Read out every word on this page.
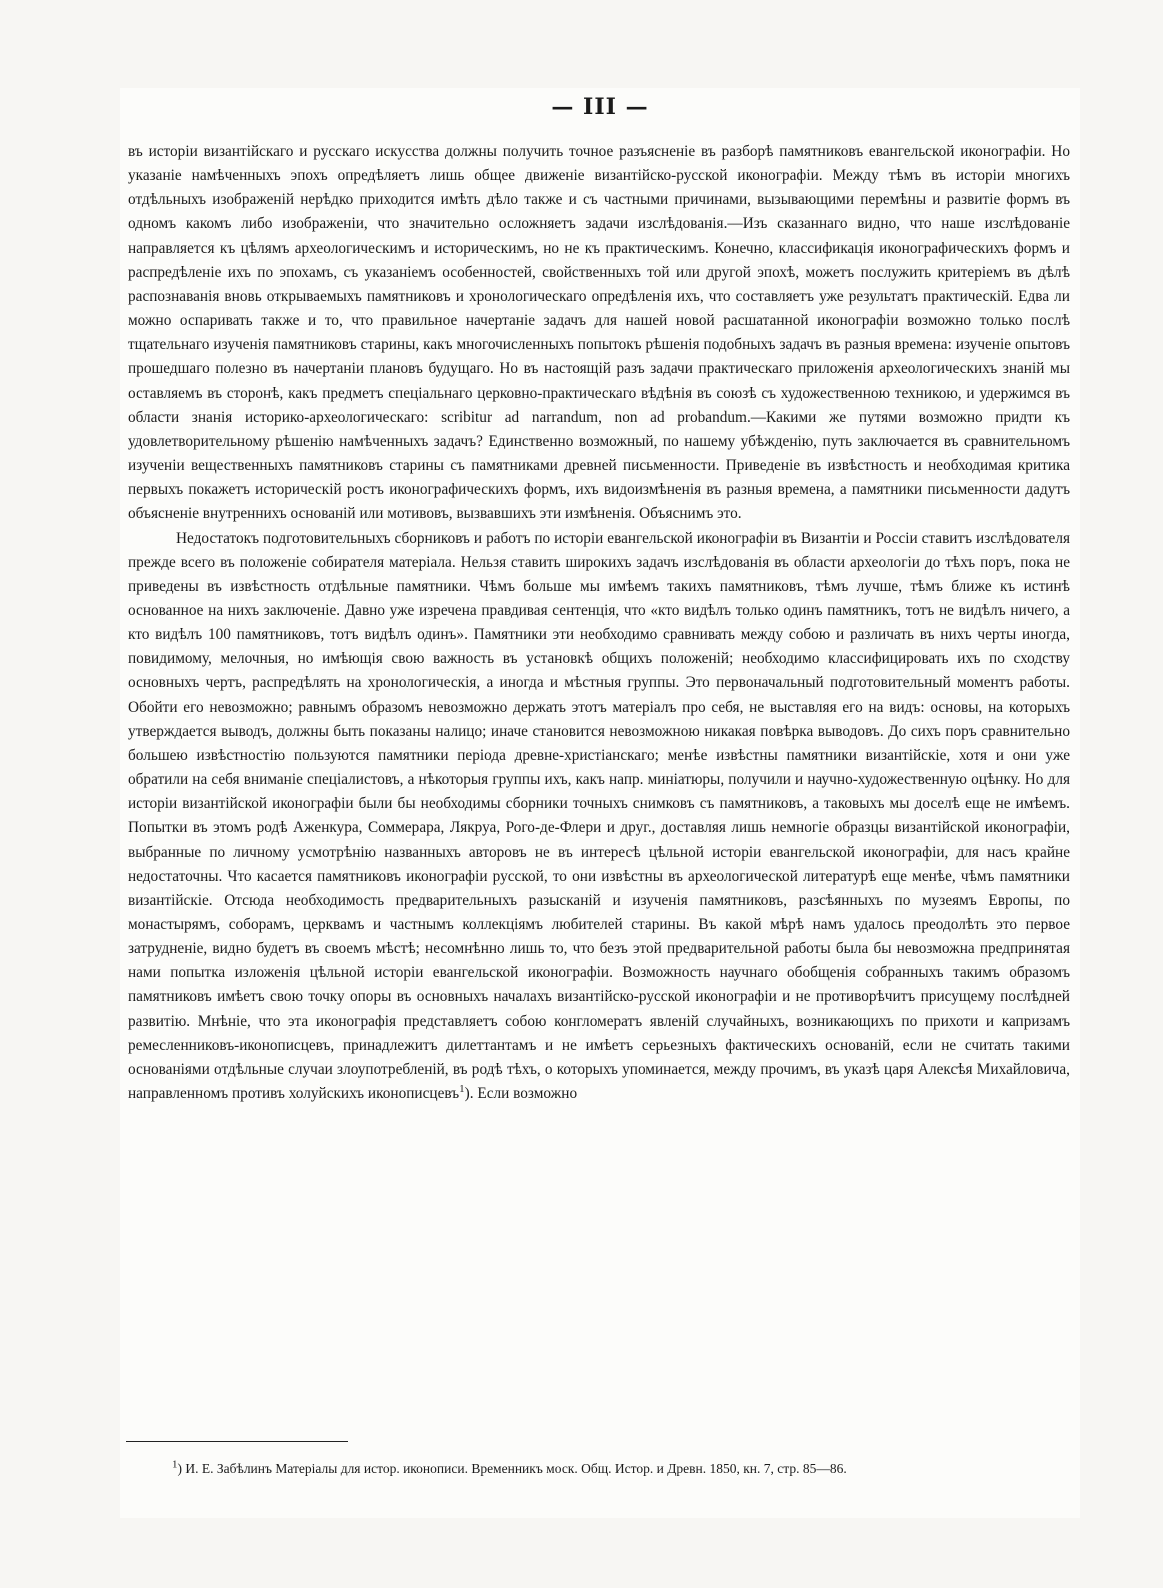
— III —

въ исторіи византійскаго и русскаго искусства должны получить точное разъясненіе въ разборѣ памятниковъ евангельской иконографіи. Но указаніе намѣченныхъ эпохъ опредѣляетъ лишь общее движеніе византійско-русской иконографіи. Между тѣмъ въ исторіи многихъ отдѣльныхъ изображеній нерѣдко приходится имѣть дѣло также и съ частными причинами, вызывающими перемѣны и развитіе формъ въ одномъ какомъ либо изображеніи, что значительно осложняетъ задачи изслѣдованія.—Изъ сказаннаго видно, что наше изслѣдованіе направляется къ цѣлямъ археологическимъ и историческимъ, но не къ практическимъ. Конечно, классификація иконографическихъ формъ и распредѣленіе ихъ по эпохамъ, съ указаніемъ особенностей, свойственныхъ той или другой эпохѣ, можетъ послужить критеріемъ въ дѣлѣ распознаванія вновь открываемыхъ памятниковъ и хронологическаго опредѣленія ихъ, что составляетъ уже результатъ практическій. Едва ли можно оспаривать также и то, что правильное начертаніе задачъ для нашей новой расшатанной иконографіи возможно только послѣ тщательнаго изученія памятниковъ старины, какъ многочисленныхъ попытокъ рѣшенія подобныхъ задачъ въ разныя времена: изученіе опытовъ прошедшаго полезно въ начертаніи плановъ будущаго. Но въ настоящій разъ задачи практическаго приложенія археологическихъ знаній мы оставляемъ въ сторонѣ, какъ предметъ спеціальнаго церковно-практическаго вѣдѣнія въ союзѣ съ художественною техникою, и удержимся въ области знанія историко-археологическаго: scribitur ad narrandum, non ad probandum.—Какими же путями возможно придти къ удовлетворительному рѣшенію намѣченныхъ задачъ? Единственно возможный, по нашему убѣжденію, путь заключается въ сравнительномъ изученіи вещественныхъ памятниковъ старины съ памятниками древней письменности. Приведеніе въ извѣстность и необходимая критика первыхъ покажетъ историческій ростъ иконографическихъ формъ, ихъ видоизмѣненія въ разныя времена, а памятники письменности дадутъ объясненіе внутреннихъ основаній или мотивовъ, вызвавшихъ эти измѣненія. Объяснимъ это.

Недостатокъ подготовительныхъ сборниковъ и работъ по исторіи евангельской иконографіи въ Византіи и Россіи ставитъ изслѣдователя прежде всего въ положеніе собирателя матеріала. Нельзя ставить широкихъ задачъ изслѣдованія въ области археологіи до тѣхъ поръ, пока не приведены въ извѣстность отдѣльные памятники. Чѣмъ больше мы имѣемъ такихъ памятниковъ, тѣмъ лучше, тѣмъ ближе къ истинѣ основанное на нихъ заключеніе. Давно уже изречена правдивая сентенція, что «кто видѣлъ только одинъ памятникъ, тотъ не видѣлъ ничего, а кто видѣлъ 100 памятниковъ, тотъ видѣлъ одинъ». Памятники эти необходимо сравнивать между собою и различать въ нихъ черты иногда, повидимому, мелочныя, но имѣющія свою важность въ установкѣ общихъ положеній; необходимо классифицировать ихъ по сходству основныхъ чертъ, распредѣлять на хронологическія, а иногда и мѣстныя группы. Это первоначальный подготовительный моментъ работы. Обойти его невозможно; равнымъ образомъ невозможно держать этотъ матеріалъ про себя, не выставляя его на видъ: основы, на которыхъ утверждается выводъ, должны быть показаны налицо; иначе становится невозможною никакая повѣрка выводовъ. До сихъ поръ сравнительно большею извѣстностію пользуются памятники періода древне-христіанскаго; менѣе извѣстны памятники византійскіе, хотя и они уже обратили на себя вниманіе спеціалистовъ, а нѣкоторыя группы ихъ, какъ напр. миніатюры, получили и научно-художественную оцѣнку. Но для исторіи византійской иконографіи были бы необходимы сборники точныхъ снимковъ съ памятниковъ, а таковыхъ мы доселѣ еще не имѣемъ. Попытки въ этомъ родѣ Аженкура, Соммерара, Лякруа, Рого-де-Флери и друг., доставляя лишь немногіе образцы византійской иконографіи, выбранные по личному усмотрѣнію названныхъ авторовъ не въ интересѣ цѣльной исторіи евангельской иконографіи, для насъ крайне недостаточны. Что касается памятниковъ иконографіи русской, то они извѣстны въ археологической литературѣ еще менѣе, чѣмъ памятники византійскіе. Отсюда необходимость предварительныхъ разысканій и изученія памятниковъ, разсѣянныхъ по музеямъ Европы, по монастырямъ, соборамъ, церквамъ и частнымъ коллекціямъ любителей старины. Въ какой мѣрѣ намъ удалось преодолѣть это первое затрудненіе, видно будетъ въ своемъ мѣстѣ; несомнѣнно лишь то, что безъ этой предварительной работы была бы невозможна предпринятая нами попытка изложенія цѣльной исторіи евангельской иконографіи. Возможность научнаго обобщенія собранныхъ такимъ образомъ памятниковъ имѣетъ свою точку опоры въ основныхъ началахъ византійско-русской иконографіи и не противорѣчитъ присущему послѣдней развитію. Мнѣніе, что эта иконографія представляетъ собою конгломератъ явленій случайныхъ, возникающихъ по прихоти и капризамъ ремесленниковъ-иконописцевъ, принадлежитъ дилеттантамъ и не имѣетъ серьезныхъ фактическихъ основаній, если не считать такими основаніями отдѣльные случаи злоупотребленій, въ родѣ тѣхъ, о которыхъ упоминается, между прочимъ, въ указѣ царя Алексѣя Михайловича, направленномъ противъ холуйскихъ иконописцевъ$^1$). Если возможно

$^1$) И. Е. Забѣлинъ Матеріалы для истор. иконописи. Временникъ моск. Общ. Истор. и Древн. 1850, кн. 7, стр. 85—86.
